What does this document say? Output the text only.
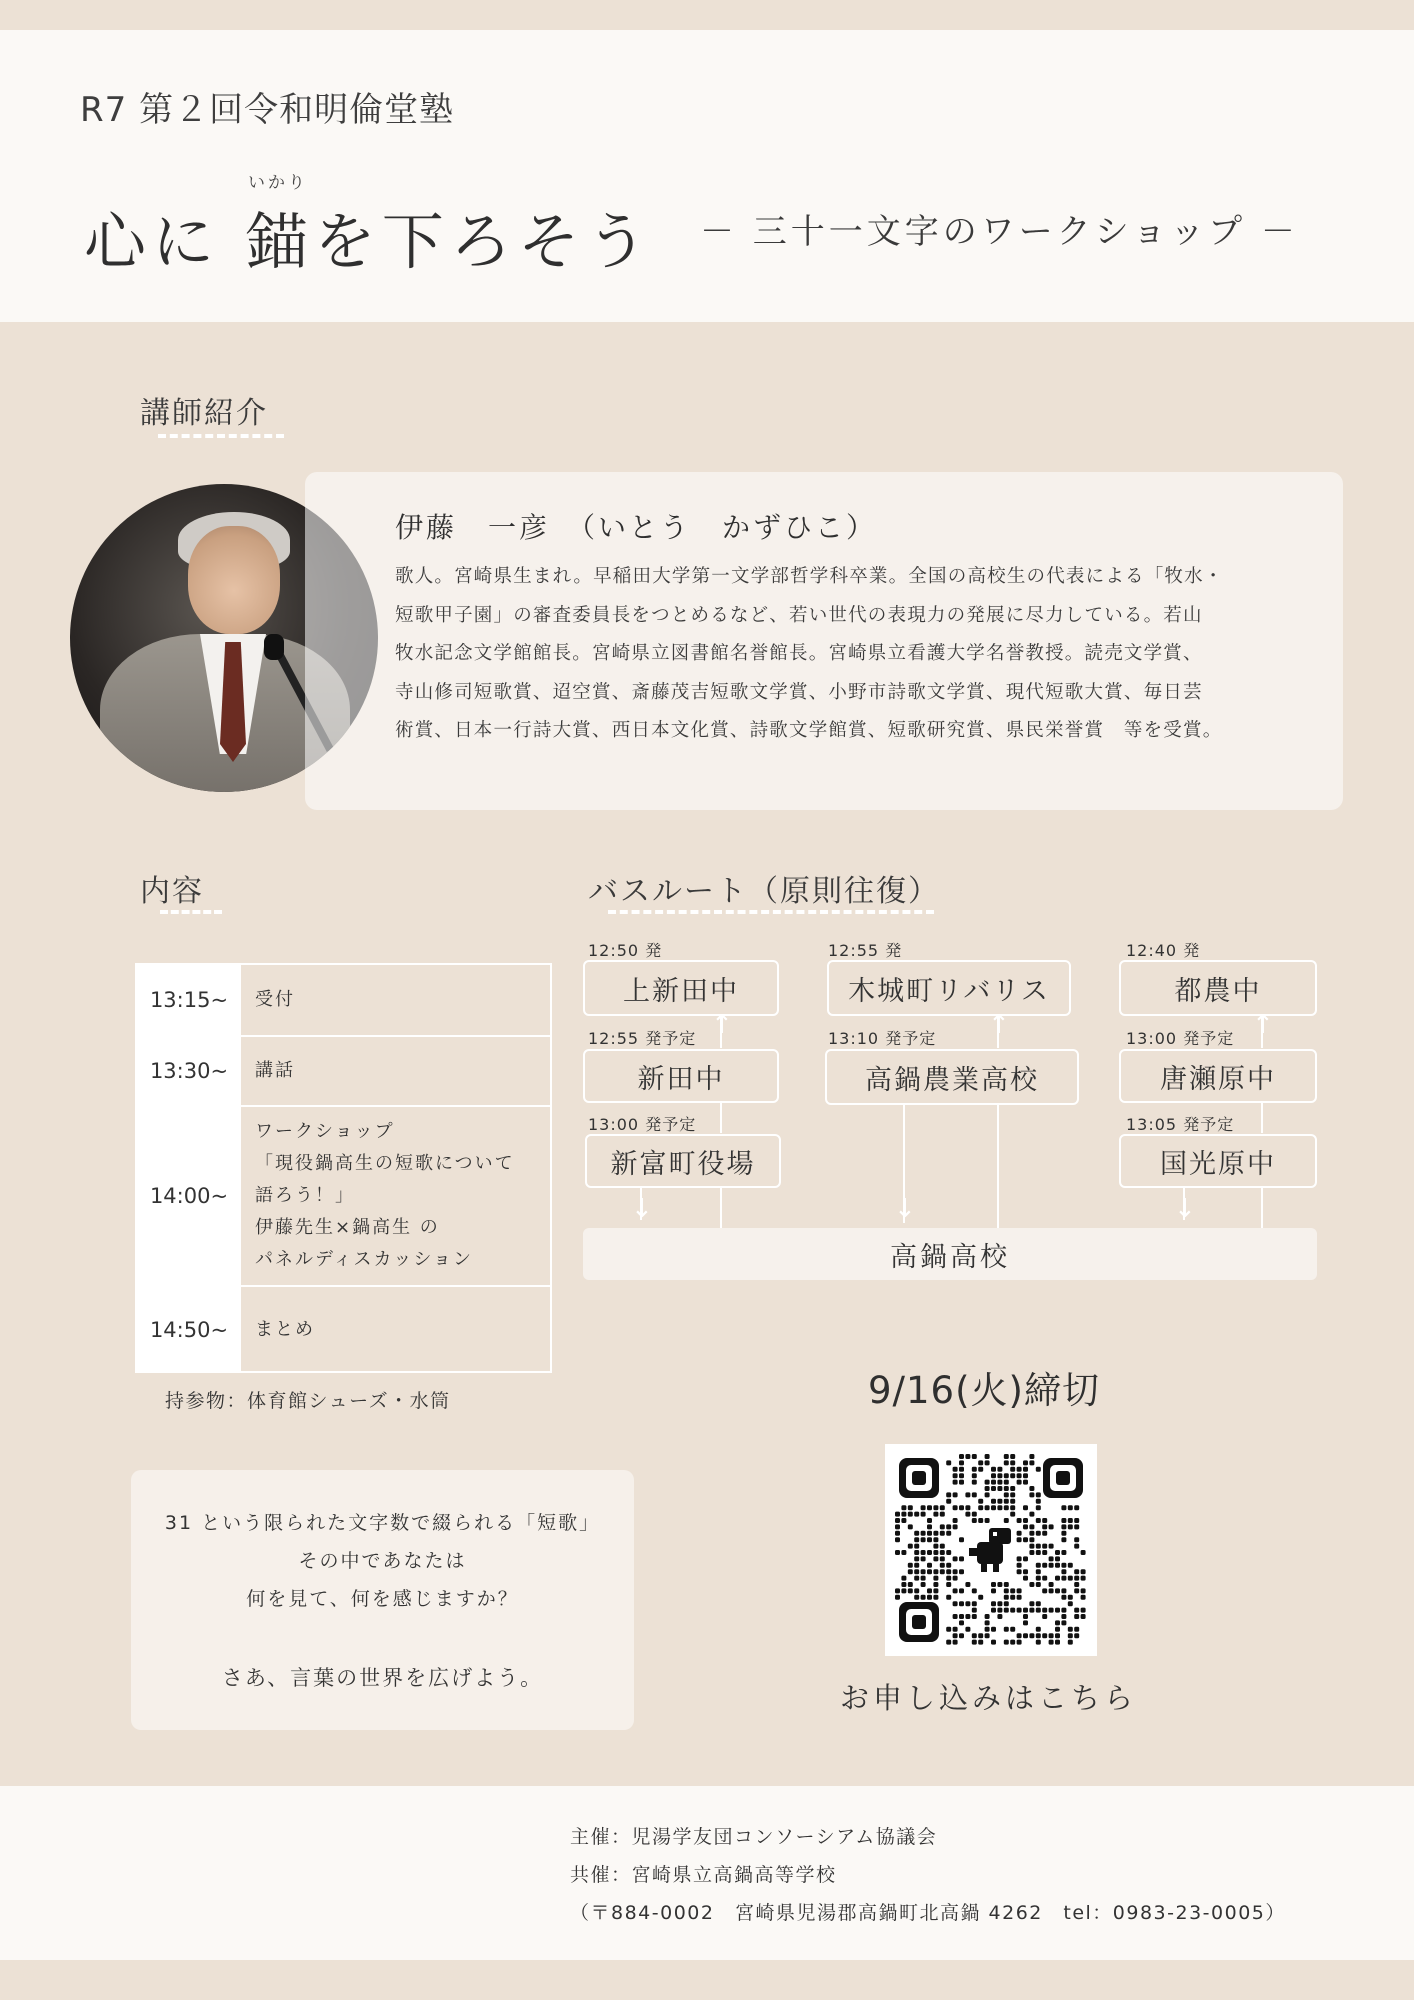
R7 第２回令和明倫堂塾
いかり
心に 錨を下ろそう － 三十一文字のワークショップ －
講師紹介
伊藤　一彦　（いとう　かずひこ）
歌人。宮崎県生まれ。早稲田大学第一文学部哲学科卒業。全国の高校生の代表による「牧水・
短歌甲子園」の審査委員長をつとめるなど、若い世代の表現力の発展に尽力している。若山
牧水記念文学館館長。宮崎県立図書館名誉館長。宮崎県立看護大学名誉教授。読売文学賞、
寺山修司短歌賞、迢空賞、斎藤茂吉短歌文学賞、小野市詩歌文学賞、現代短歌大賞、毎日芸
術賞、日本一行詩大賞、西日本文化賞、詩歌文学館賞、短歌研究賞、県民栄誉賞　等を受賞。
内容
13:15~	受付
13:30~	講話
14:00~
ワークショップ
「現役鍋高生の短歌について
語ろう！」
伊藤先生×鍋高生 の
パネルディスカッション
14:50~	まとめ
持参物：体育館シューズ・水筒
31 という限られた文字数で綴られる「短歌」
その中であなたは
何を見て、何を感じますか？
さあ、言葉の世界を広げよう。
バスルート（原則往復）
12:50 発
上新田中
12:55 発予定
新田中
13:00 発予定
新富町役場
↑
↓
12:55 発
木城町リバリス
13:10 発予定
高鍋農業高校
↑
↓
12:40 発
都農中
13:00 発予定
唐瀬原中
13:05 発予定
国光原中
↑
↓
高鍋高校
9/16(火)締切
お申し込みはこちら
主催：児湯学友団コンソーシアム協議会
共催：宮崎県立高鍋高等学校
（〒884-0002　宮崎県児湯郡高鍋町北高鍋 4262　tel：0983-23-0005）
